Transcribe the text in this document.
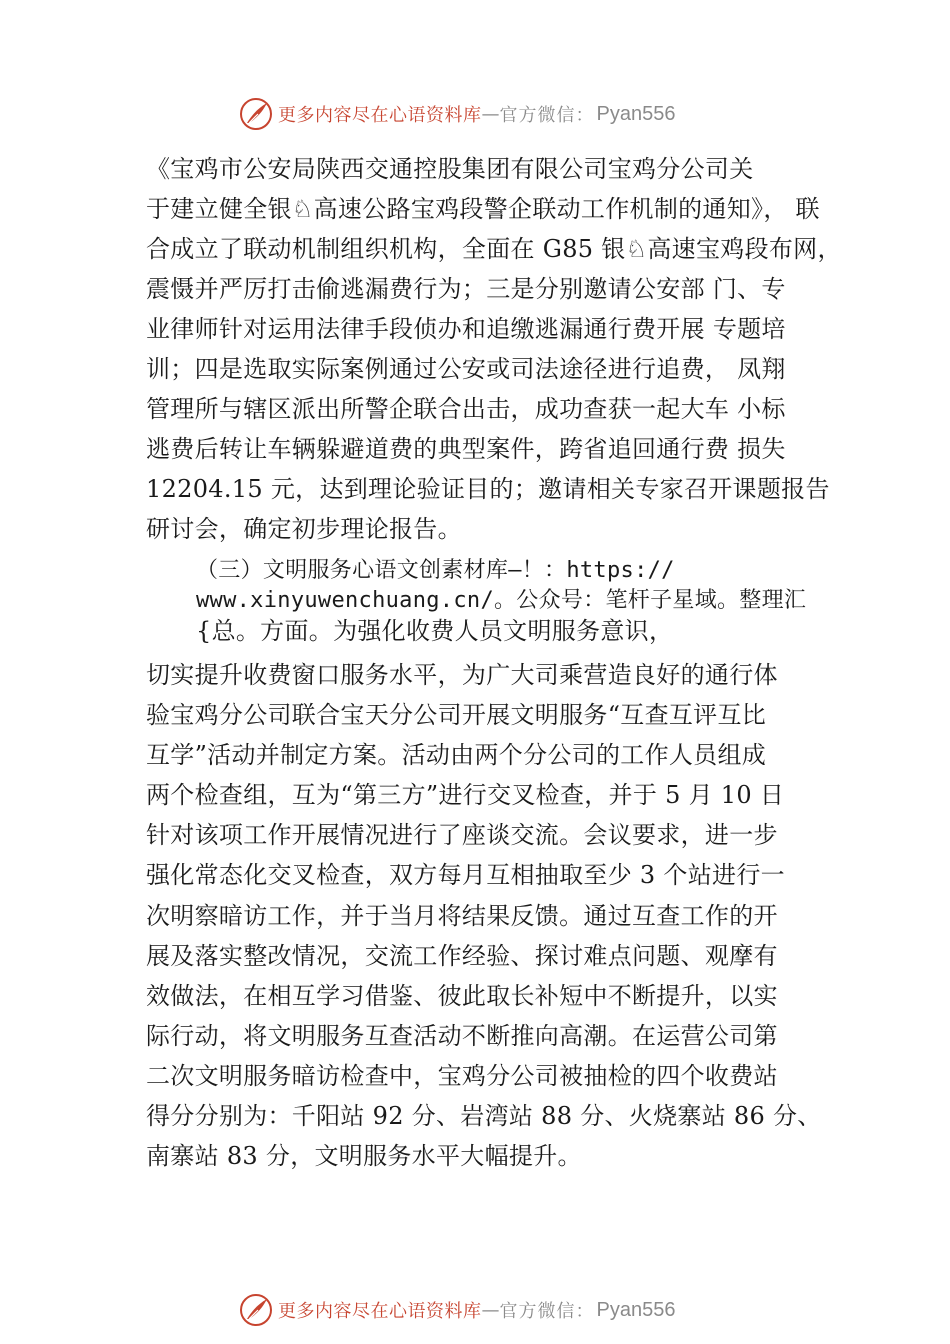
更多内容尽在心语资料库 — 官方微信： Pyan556
《宝鸡市公安局陕西交通控股集团有限公司宝鸡分公司关
于建立健全银♘高速公路宝鸡段警企联动工作机制的通知》， 联
合成立了联动机制组织机构，全面在 G85 银♘高速宝鸡段布网，
震慑并严厉打击偷逃漏费行为；三是分别邀请公安部 门、专
业律师针对运用法律手段侦办和追缴逃漏通行费开展 专题培
训；四是选取实际案例通过公安或司法途径进行追费， 凤翔
管理所与辖区派出所警企联合出击，成功查获一起大车 小标
逃费后转让车辆躲避道费的典型案件，跨省追回通行费 损失
12204.15 元，达到理论验证目的；邀请相关专家召开课题报告
研讨会，确定初步理论报告。
（三）文明服务心语文创素材库—！：https://
www.xinyuwenchuang.cn/。公众号：笔杆子星域。整理汇
{总。方面。为强化收费人员文明服务意识，
切实提升收费窗口服务水平，为广大司乘营造良好的通行体
验宝鸡分公司联合宝天分公司开展文明服务“互查互评互比
互学”活动并制定方案。活动由两个分公司的工作人员组成
两个检查组，互为“第三方”进行交叉检查，并于 5 月 10 日
针对该项工作开展情况进行了座谈交流。会议要求，进一步
强化常态化交叉检查，双方每月互相抽取至少 3 个站进行一
次明察暗访工作，并于当月将结果反馈。通过互查工作的开
展及落实整改情况，交流工作经验、探讨难点问题、观摩有
效做法，在相互学习借鉴、彼此取长补短中不断提升，以实
际行动，将文明服务互查活动不断推向高潮。在运营公司第
二次文明服务暗访检查中，宝鸡分公司被抽检的四个收费站
得分分别为：千阳站 92 分、岩湾站 88 分、火烧寨站 86 分、
南寨站 83 分，文明服务水平大幅提升。
更多内容尽在心语资料库 — 官方微信： Pyan556
